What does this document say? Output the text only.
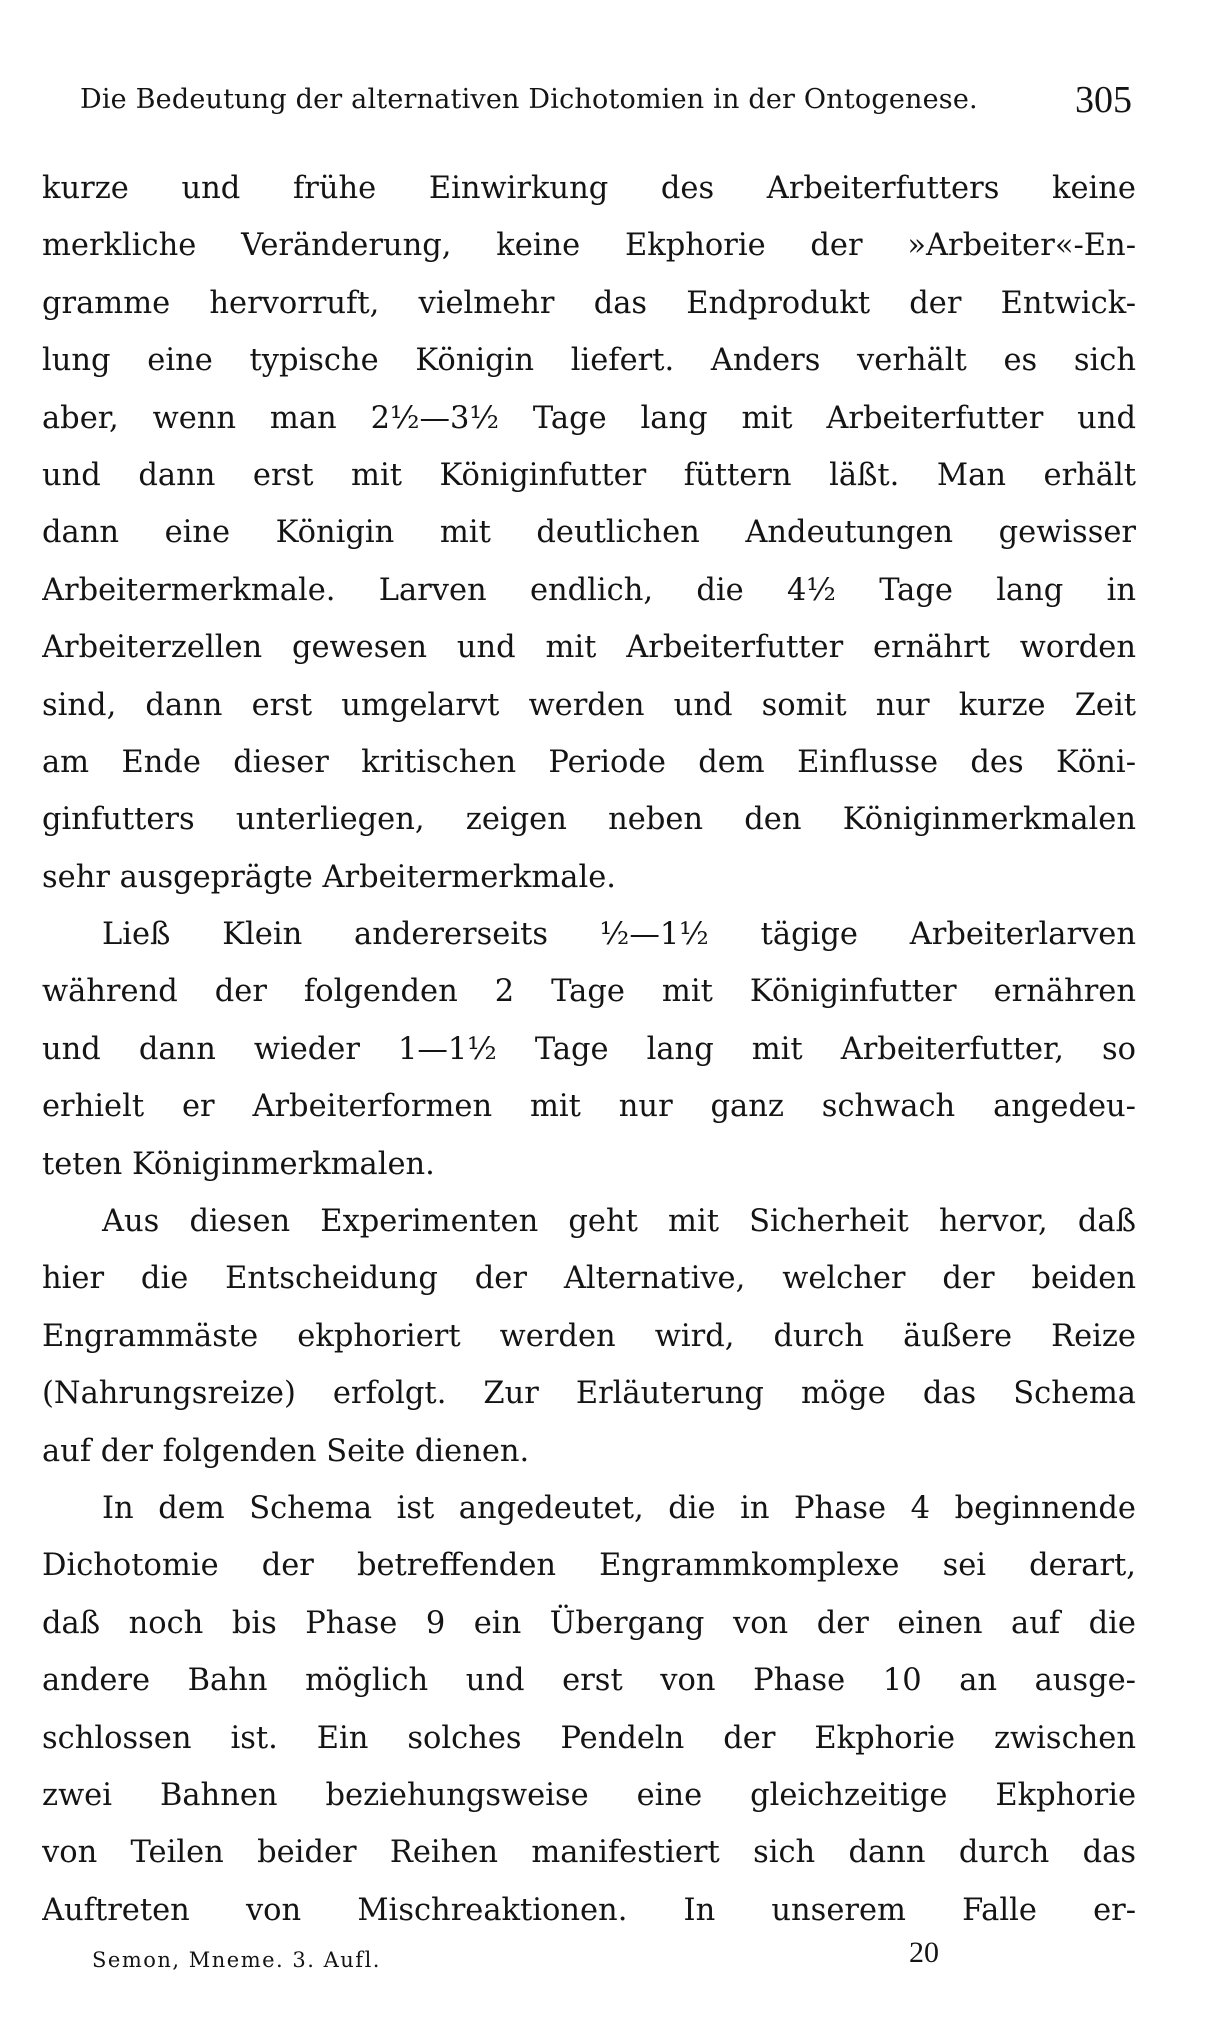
Die Bedeutung der alternativen Dichotomien in der Ontogenese.	305
kurze und frühe Einwirkung des Arbeiterfutters keine
merkliche Veränderung, keine Ekphorie der »Arbeiter«-En-
gramme hervorruft, vielmehr das Endprodukt der Entwick-
lung eine typische Königin liefert. Anders verhält es sich
aber, wenn man 2½—3½ Tage lang mit Arbeiterfutter und
und dann erst mit Königinfutter füttern läßt. Man erhält
dann eine Königin mit deutlichen Andeutungen gewisser
Arbeitermerkmale. Larven endlich, die 4½ Tage lang in
Arbeiterzellen gewesen und mit Arbeiterfutter ernährt worden
sind, dann erst umgelarvt werden und somit nur kurze Zeit
am Ende dieser kritischen Periode dem Einflusse des Köni-
ginfutters unterliegen, zeigen neben den Königinmerkmalen
sehr ausgeprägte Arbeitermerkmale.
Ließ Klein andererseits ½—1½ tägige Arbeiterlarven
während der folgenden 2 Tage mit Königinfutter ernähren
und dann wieder 1—1½ Tage lang mit Arbeiterfutter, so
erhielt er Arbeiterformen mit nur ganz schwach angedeu-
teten Königinmerkmalen.
Aus diesen Experimenten geht mit Sicherheit hervor, daß
hier die Entscheidung der Alternative, welcher der beiden
Engrammäste ekphoriert werden wird, durch äußere Reize
(Nahrungsreize) erfolgt. Zur Erläuterung möge das Schema
auf der folgenden Seite dienen.
In dem Schema ist angedeutet, die in Phase 4 beginnende
Dichotomie der betreffenden Engrammkomplexe sei derart,
daß noch bis Phase 9 ein Übergang von der einen auf die
andere Bahn möglich und erst von Phase 10 an ausge-
schlossen ist. Ein solches Pendeln der Ekphorie zwischen
zwei Bahnen beziehungsweise eine gleichzeitige Ekphorie
von Teilen beider Reihen manifestiert sich dann durch das
Auftreten von Mischreaktionen. In unserem Falle er-
Semon, Mneme. 3. Aufl.	20
